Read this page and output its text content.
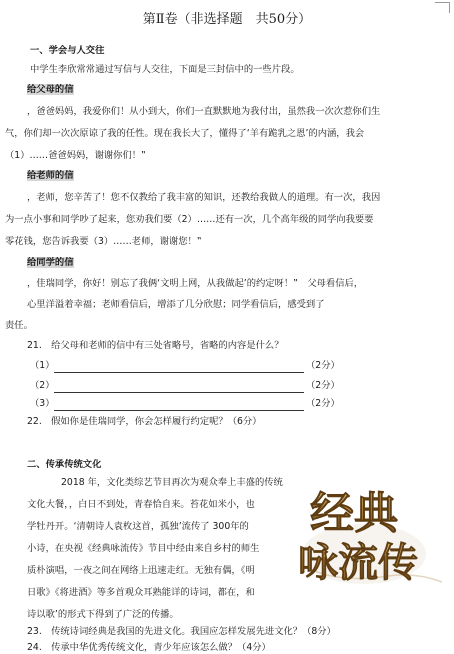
第Ⅱ卷（非选择题　共50分）
一、学会与人交往
中学生李欣常常通过写信与人交往，下面是三封信中的一些片段。
给父母的信
，爸爸妈妈，我爱你们！从小到大，你们一直默默地为我付出，虽然我一次次惹你们生
气，你们却一次次原谅了我的任性。现在我长大了，懂得了‘羊有跪乳之恩’的内涵，我会
（1）……爸爸妈妈，谢谢你们！‟
给老师的信
，老师，您辛苦了！您不仅教给了我丰富的知识，还教给我做人的道理。有一次，我因
为一点小事和同学吵了起来，您劝我们要（2）……还有一次，几个高年级的同学向我要要
零花钱，您告诉我要（3）……老师，谢谢您！‟
给同学的信
，佳瑞同学，你好！别忘了我俩‘文明上网，从我做起’的约定呀！‟　父母看信后，
心里洋溢着幸福；老师看信后，增添了几分欣慰；同学看信后，感受到了
责任。
21.　给父母和老师的信中有三处省略号，省略的内容是什么？
（1）	（2分）
（2）	（2分）
（3）	（2分）
22.　假如你是佳瑞同学，你会怎样履行约定呢？（6分）
二、传承传统文化
2018 年，文化类综艺节目再次为观众奉上丰盛的传统
文化大餐，，白日不到处，青春恰自来。苔花如米小，也
学牡丹开。‘清朝诗人袁枚这首，孤独’流传了 300年的
小诗，在央视《经典咏流传》节目中经由来自乡村的师生
质朴演唱，一夜之间在网络上迅速走红。无独有偶，《明
日歌》《将进酒》等多首观众耳熟能详的诗词，都在，和
诗以歌’的形式下得到了广泛的传播。
23.　传统诗词经典是我国的先进文化。我国应怎样发展先进文化？（8分）
24.　传承中华优秀传统文化，青少年应该怎么做？（4分）
经典
咏流传
